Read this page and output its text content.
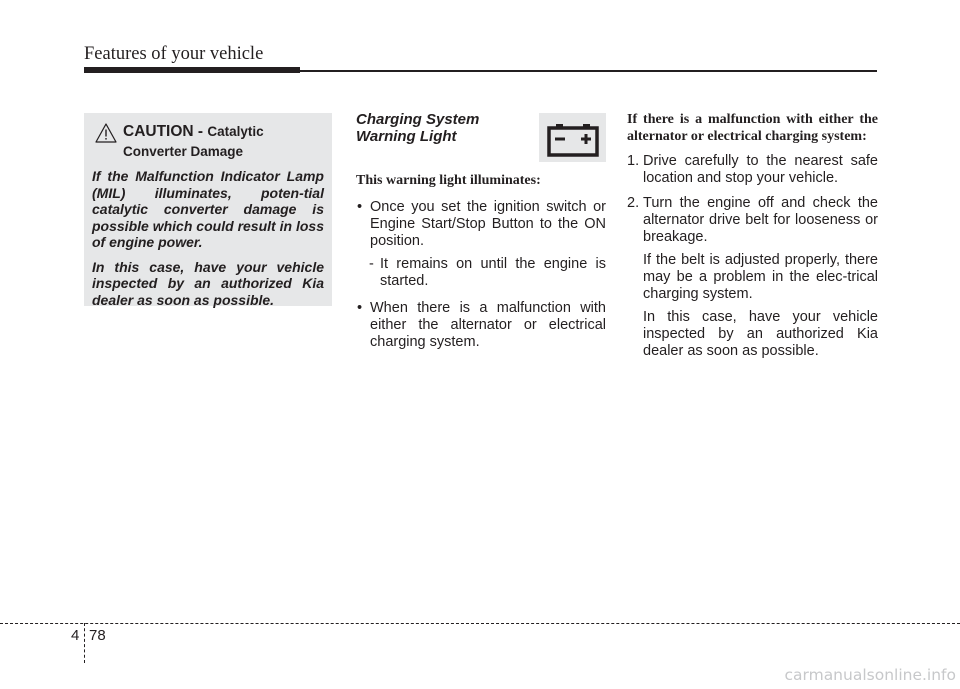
Features of your vehicle
CAUTION - Catalytic
Converter Damage

If the Malfunction Indicator Lamp (MIL) illuminates, poten-tial catalytic converter damage is possible which could result in loss of engine power.

In this case, have your vehicle inspected by an authorized Kia dealer as soon as possible.

Charging System
Warning Light
This warning light illuminates:
• Once you set the ignition switch or Engine Start/Stop Button to the ON position.
- It remains on until the engine is started.
• When there is a malfunction with either the alternator or electrical charging system.
If there is a malfunction with either the alternator or electrical charging system:
1. Drive carefully to the nearest safe location and stop your vehicle.
2. Turn the engine off and check the alternator drive belt for looseness or breakage.
If the belt is adjusted properly, there may be a problem in the elec-trical charging system.
In this case, have your vehicle inspected by an authorized Kia dealer as soon as possible.
4 78
carmanualsonline.info
